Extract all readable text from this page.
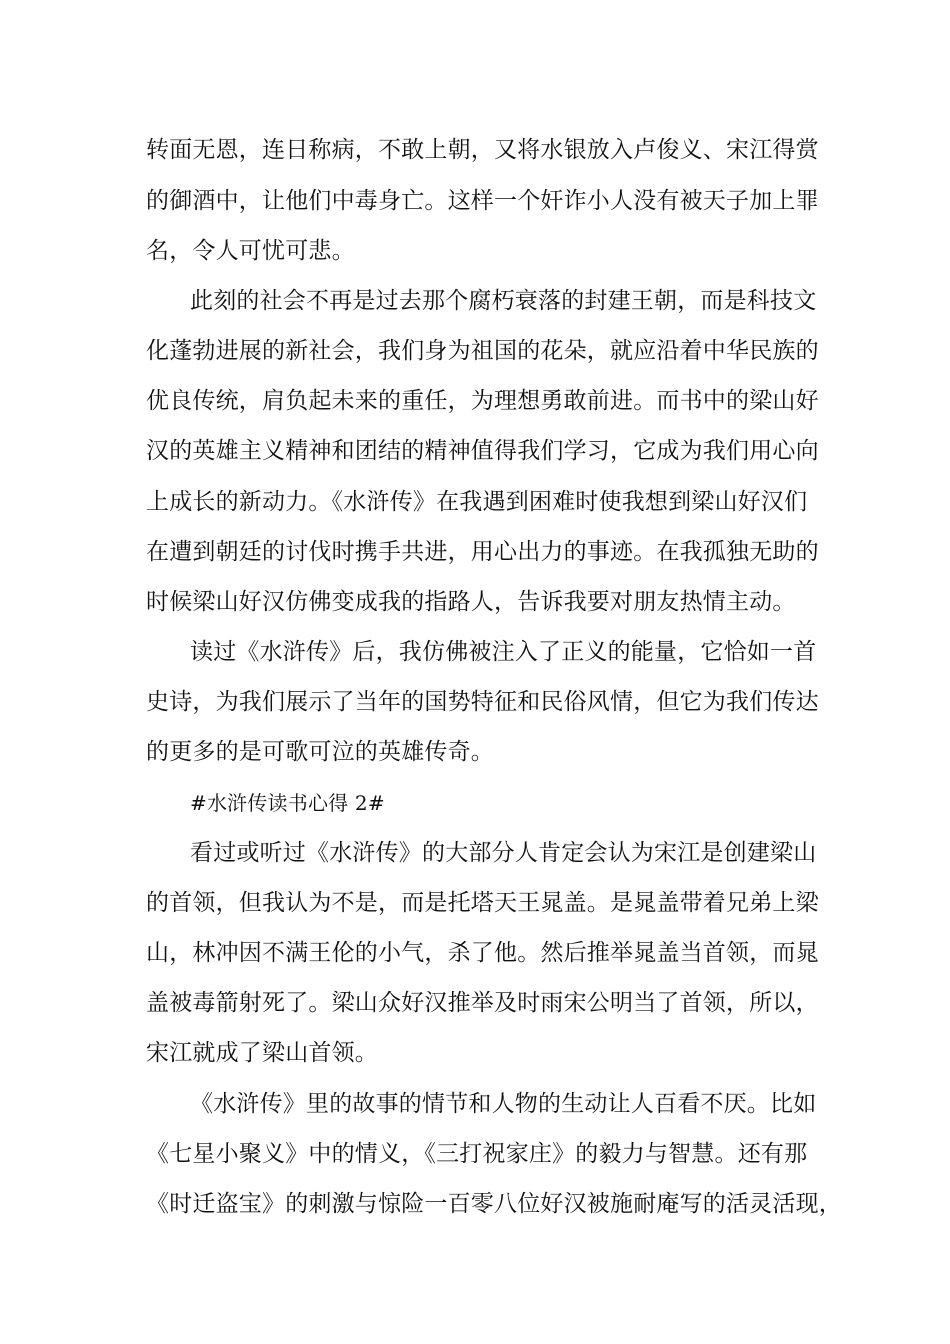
转面无恩，连日称病，不敢上朝，又将水银放入卢俊义、宋江得赏
的御酒中，让他们中毒身亡。这样一个奸诈小人没有被天子加上罪
名，令人可忧可悲。
此刻的社会不再是过去那个腐朽衰落的封建王朝，而是科技文
化蓬勃进展的新社会，我们身为祖国的花朵，就应沿着中华民族的
优良传统，肩负起未来的重任，为理想勇敢前进。而书中的梁山好
汉的英雄主义精神和团结的精神值得我们学习，它成为我们用心向
上成长的新动力。《水浒传》在我遇到困难时使我想到梁山好汉们
在遭到朝廷的讨伐时携手共进，用心出力的事迹。在我孤独无助的
时候梁山好汉仿佛变成我的指路人，告诉我要对朋友热情主动。
读过《水浒传》后，我仿佛被注入了正义的能量，它恰如一首
史诗，为我们展示了当年的国势特征和民俗风情，但它为我们传达
的更多的是可歌可泣的英雄传奇。
#水浒传读书心得 2#
看过或听过《水浒传》的大部分人肯定会认为宋江是创建梁山
的首领，但我认为不是，而是托塔天王晁盖。是晁盖带着兄弟上梁
山，林冲因不满王伦的小气，杀了他。然后推举晁盖当首领，而晁
盖被毒箭射死了。梁山众好汉推举及时雨宋公明当了首领，所以，
宋江就成了梁山首领。
《水浒传》里的故事的情节和人物的生动让人百看不厌。比如
《七星小聚义》中的情义，《三打祝家庄》的毅力与智慧。还有那
《时迁盗宝》的刺激与惊险一百零八位好汉被施耐庵写的活灵活现，
